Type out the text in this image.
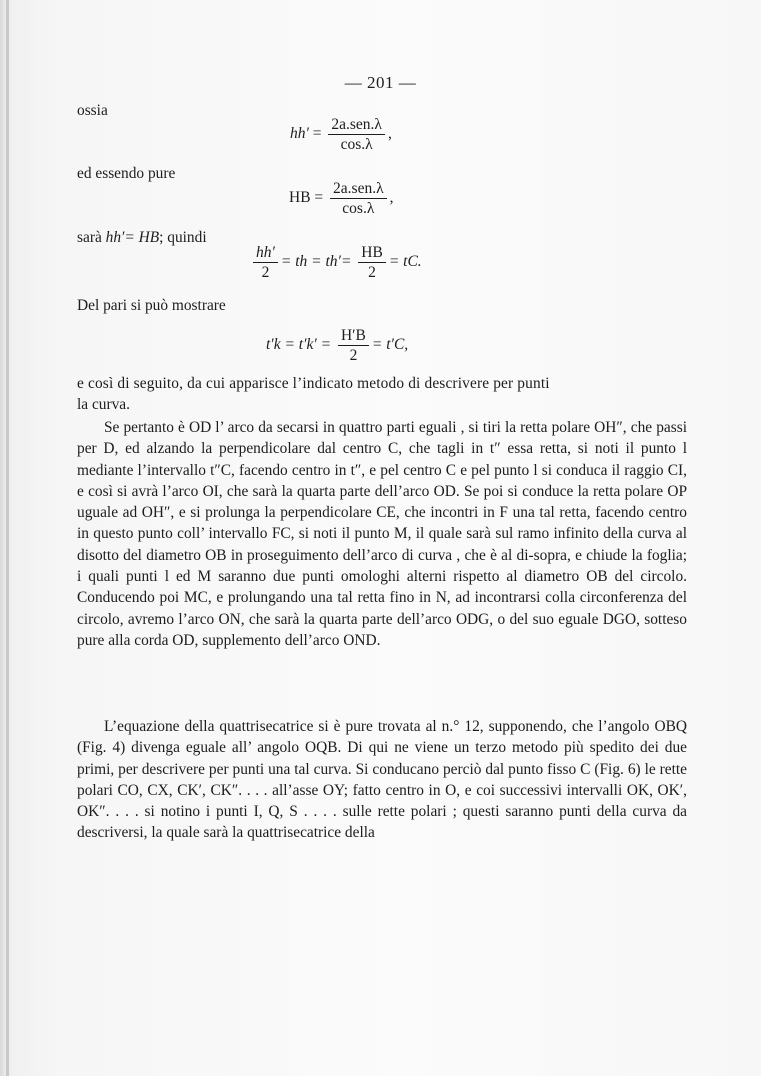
— 201 —
ossia
$hh' = \frac{\text{2a.sen.λ}}{\cos.\lambda}$ ,
ed essendo pure
HB = $\frac{\text{2a.sen.λ}}{\cos.\lambda}$ ,
sarà hh′= HB; quindi
$\frac{hh'}{2}$ = th = $th'= \frac{HB}{2}$ = tC.
Del pari si può mostrare
$t'k = t'k' = \frac{H'B}{2} = t'C$,
e così di seguito, da cui apparisce l’indicato metodo di descrivere per punti
la curva.
Se pertanto è OD l’ arco da secarsi in quattro parti eguali , si tiri la retta polare OH″, che passi per D, ed alzando la perpendicolare dal centro C, che tagli in t″ essa retta, si noti il punto l mediante l’intervallo t″C, facendo centro in t″, e pel centro C e pel punto l si conduca il raggio CI, e così si avrà l’arco OI, che sarà la quarta parte dell’arco OD. Se poi si conduce la retta polare OP uguale ad OH″, e si prolunga la perpendicolare CE, che incontri in F una tal retta, facendo centro in questo punto coll’ intervallo FC, si noti il punto M, il quale sarà sul ramo infinito della curva al disotto del diametro OB in proseguimento dell’arco di curva , che è al di-sopra, e chiude la foglia; i quali punti l ed M saranno due punti omologhi alterni rispetto al diametro OB del circolo. Conducendo poi MC, e prolungando una tal retta fino in N, ad incontrarsi colla circonferenza del circolo, avremo l’arco ON, che sarà la quarta parte dell’arco ODG, o del suo eguale DGO, sotteso pure alla corda OD, supplemento dell’arco OND.
L’equazione della quattrisecatrice si è pure trovata al n.° 12, supponendo, che l’angolo OBQ (Fig. 4) divenga eguale all’ angolo OQB. Di qui ne viene un terzo metodo più spedito dei due primi, per descrivere per punti una tal curva. Si conducano perciò dal punto fisso C (Fig. 6) le rette polari CO, CX, CK′, CK″. . . . all’asse OY; fatto centro in O, e coi successivi intervalli OK, OK′, OK″. . . . si notino i punti I, Q, S . . . . sulle rette polari ; questi saranno punti della curva da descriversi, la quale sarà la quattrisecatrice della
